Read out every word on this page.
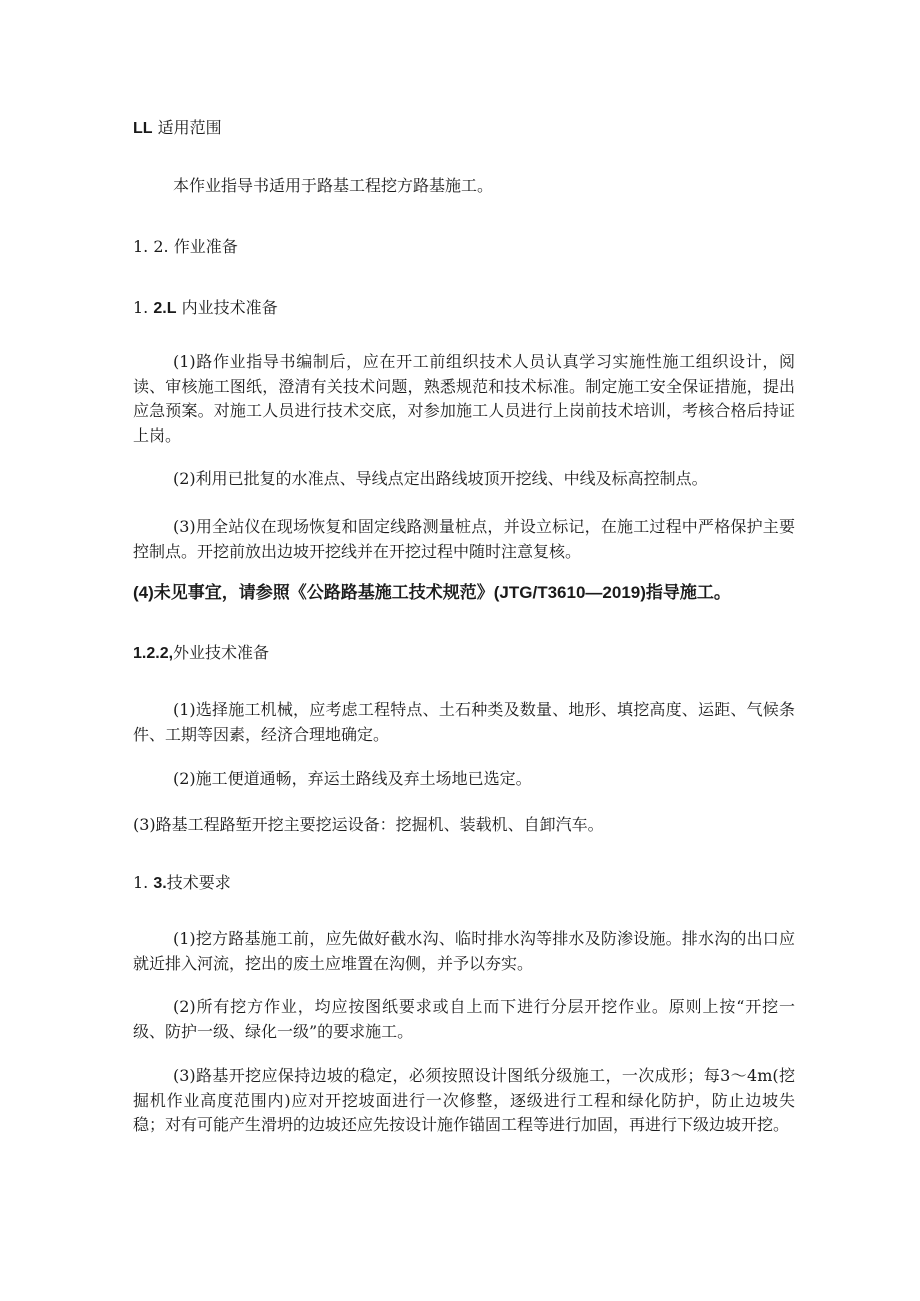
LL 适用范围

本作业指导书适用于路基工程挖方路基施工。

1. 2. 作业准备

1. 2.L 内业技术准备

(1)路作业指导书编制后，应在开工前组织技术人员认真学习实施性施工组织设计，阅读、审核施工图纸，澄清有关技术问题，熟悉规范和技术标准。制定施工安全保证措施，提出应急预案。对施工人员进行技术交底，对参加施工人员进行上岗前技术培训，考核合格后持证上岗。

(2)利用已批复的水准点、导线点定出路线坡顶开挖线、中线及标高控制点。

(3)用全站仪在现场恢复和固定线路测量桩点，并设立标记，在施工过程中严格保护主要控制点。开挖前放出边坡开挖线并在开挖过程中随时注意复核。

(4)未见事宜，请参照《公路路基施工技术规范》(JTG/T3610—2019)指导施工。

1.2.2,外业技术准备

(1)选择施工机械，应考虑工程特点、土石种类及数量、地形、填挖高度、运距、气候条件、工期等因素，经济合理地确定。

(2)施工便道通畅，弃运土路线及弃土场地已选定。

(3)路基工程路堑开挖主要挖运设备：挖掘机、装载机、自卸汽车。

1. 3.技术要求

(1)挖方路基施工前，应先做好截水沟、临时排水沟等排水及防渗设施。排水沟的出口应就近排入河流，挖出的废土应堆置在沟侧，并予以夯实。

(2)所有挖方作业，均应按图纸要求或自上而下进行分层开挖作业。原则上按“开挖一级、防护一级、绿化一级”的要求施工。

(3)路基开挖应保持边坡的稳定，必须按照设计图纸分级施工，一次成形；每3～4m(挖掘机作业高度范围内)应对开挖坡面进行一次修整，逐级进行工程和绿化防护，防止边坡失稳；对有可能产生滑坍的边坡还应先按设计施作锚固工程等进行加固，再进行下级边坡开挖。
